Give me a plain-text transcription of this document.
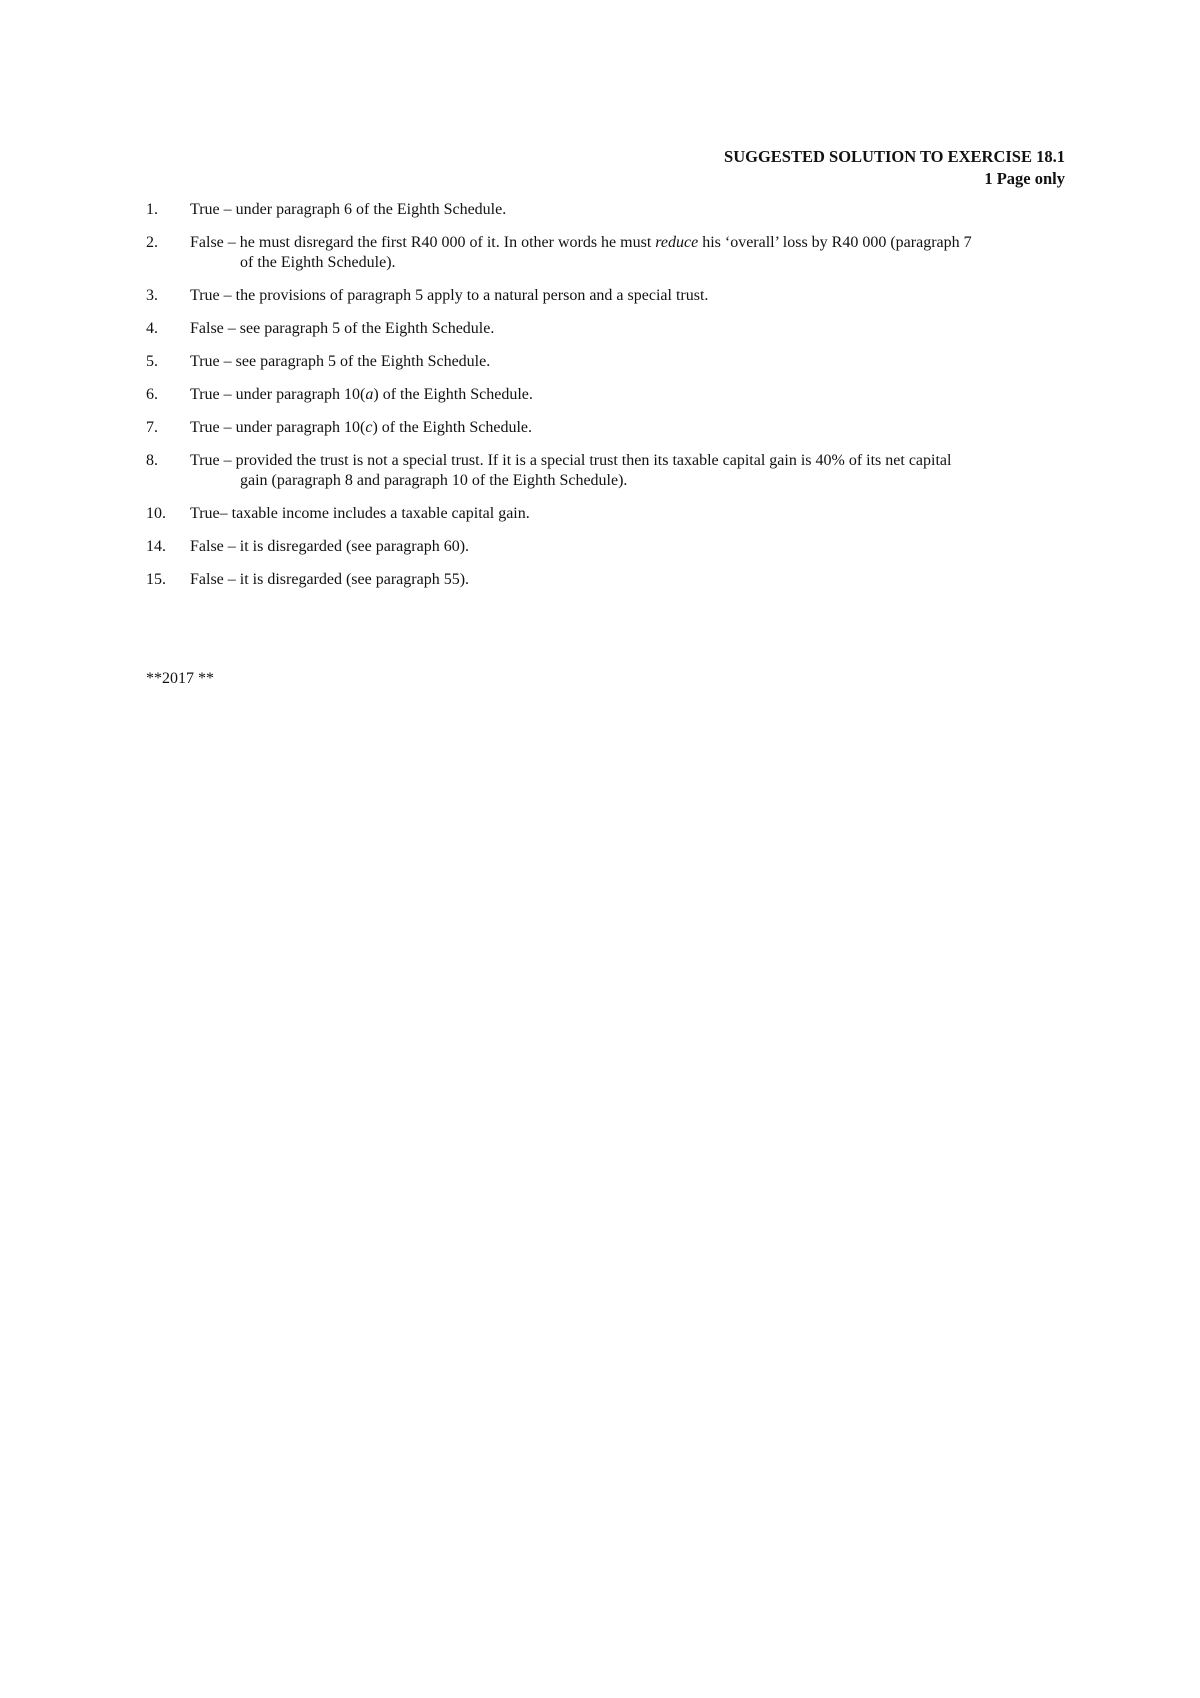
SUGGESTED SOLUTION TO EXERCISE 18.1
1 Page only
1. True – under paragraph 6 of the Eighth Schedule.
2. False – he must disregard the first R40 000 of it. In other words he must reduce his ‘overall’ loss by R40 000 (paragraph 7
of the Eighth Schedule).
3. True – the provisions of paragraph 5 apply to a natural person and a special trust.
4. False – see paragraph 5 of the Eighth Schedule.
5. True – see paragraph 5 of the Eighth Schedule.
6. True – under paragraph 10(a) of the Eighth Schedule.
7. True – under paragraph 10(c) of the Eighth Schedule.
8. True – provided the trust is not a special trust. If it is a special trust then its taxable capital gain is 40% of its net capital
gain (paragraph 8 and paragraph 10 of the Eighth Schedule).
10. True– taxable income includes a taxable capital gain.
14. False – it is disregarded (see paragraph 60).
15. False – it is disregarded (see paragraph 55).
**2017 **
